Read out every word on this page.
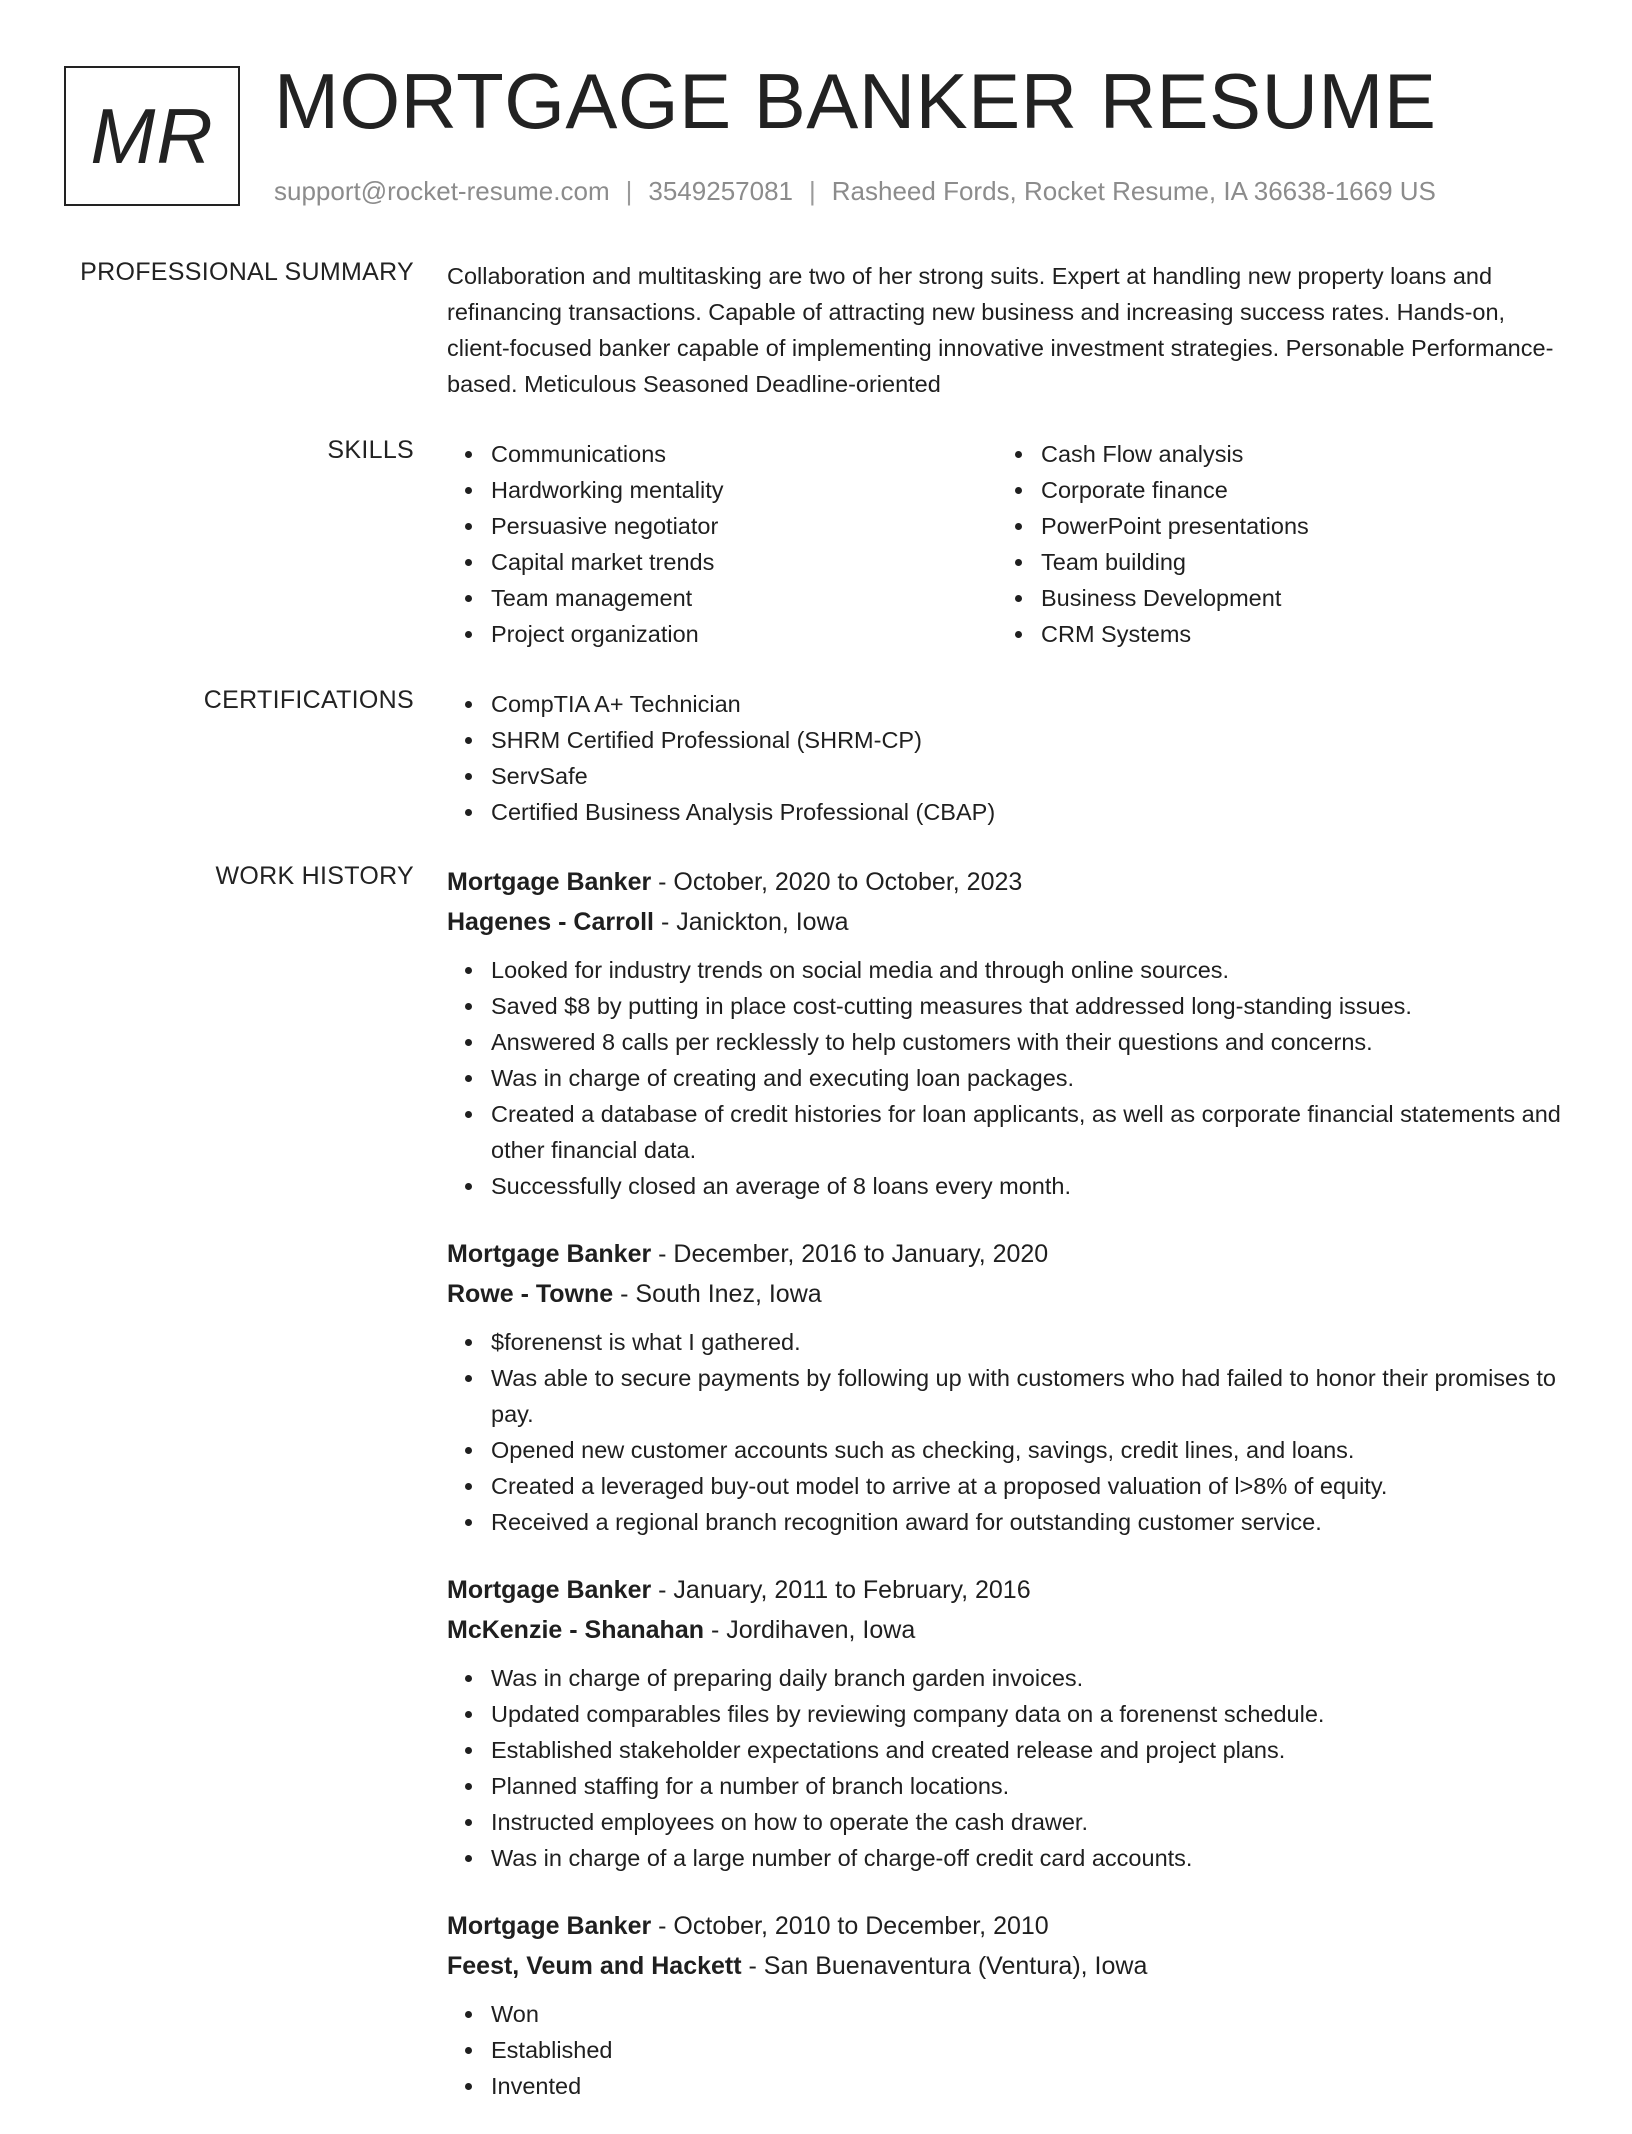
MR MORTGAGE BANKER RESUME
support@rocket-resume.com | 3549257081 | Rasheed Fords, Rocket Resume, IA 36638-1669 US
PROFESSIONAL SUMMARY Collaboration and multitasking are two of her strong suits. Expert at handling new property loans and refinancing transactions. Capable of attracting new business and increasing success rates. Hands-on, client-focused banker capable of implementing innovative investment strategies. Personable Performance-based. Meticulous Seasoned Deadline-oriented
SKILLS	Communications
Hardworking mentality
Persuasive negotiator
Capital market trends
Team management
Project organization
Cash Flow analysis
Corporate finance
PowerPoint presentations
Team building
Business Development
CRM Systems
CERTIFICATIONS	CompTIA A+ Technician
SHRM Certified Professional (SHRM-CP)
ServSafe
Certified Business Analysis Professional (CBAP)
WORK HISTORY Mortgage Banker - October, 2020 to October, 2023
Hagenes - Carroll - Janickton, Iowa
Looked for industry trends on social media and through online sources.
Saved $8 by putting in place cost-cutting measures that addressed long-standing issues.
Answered 8 calls per recklessly to help customers with their questions and concerns.
Was in charge of creating and executing loan packages.
Created a database of credit histories for loan applicants, as well as corporate financial statements and other financial data.
Successfully closed an average of 8 loans every month.
Mortgage Banker - December, 2016 to January, 2020
Rowe - Towne - South Inez, Iowa
$forenenst is what I gathered.
Was able to secure payments by following up with customers who had failed to honor their promises to pay.
Opened new customer accounts such as checking, savings, credit lines, and loans.
Created a leveraged buy-out model to arrive at a proposed valuation of l>8% of equity.
Received a regional branch recognition award for outstanding customer service.
Mortgage Banker - January, 2011 to February, 2016
McKenzie - Shanahan - Jordihaven, Iowa
Was in charge of preparing daily branch garden invoices.
Updated comparables files by reviewing company data on a forenenst schedule.
Established stakeholder expectations and created release and project plans.
Planned staffing for a number of branch locations.
Instructed employees on how to operate the cash drawer.
Was in charge of a large number of charge-off credit card accounts.
Mortgage Banker - October, 2010 to December, 2010
Feest, Veum and Hackett - San Buenaventura (Ventura), Iowa
Won
Established
Invented
